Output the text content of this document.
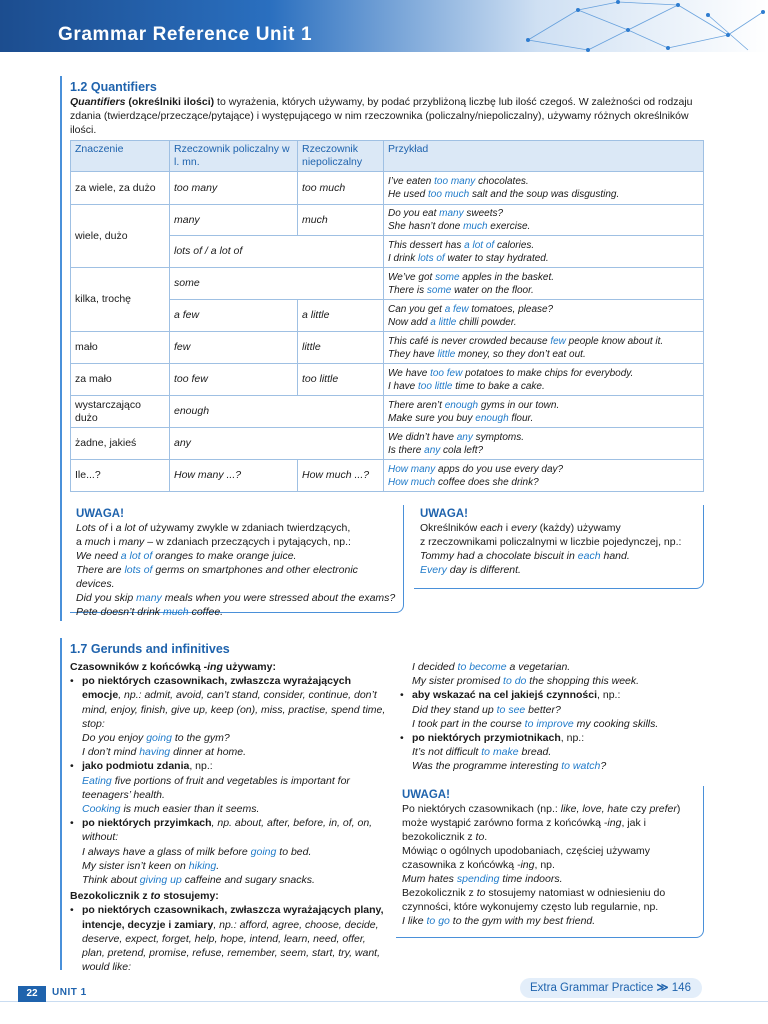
Grammar Reference Unit 1
1.2 Quantifiers
Quantifiers (określniki ilości) to wyrażenia, których używamy, by podać przybliżoną liczbę lub ilość czegoś. W zależności od rodzaju zdania (twierdzące/przeczące/pytające) i występującego w nim rzeczownika (policzalny/niepoliczalny), używamy różnych określników ilości.
Znaczenie	Rzeczownik policzalny w l. mn.	Rzeczownik niepoliczalny	Przykład
za wiele, za dużo	too many	too much	I’ve eaten too many chocolates.
He used too much salt and the soup was disgusting.
wiele, dużo	many	much	Do you eat many sweets?
She hasn’t done much exercise.
	lots of / a lot of		This dessert has a lot of calories.
I drink lots of water to stay hydrated.
kilka, trochę	some		We’ve got some apples in the basket.
There is some water on the floor.
	a few	a little	Can you get a few tomatoes, please?
Now add a little chilli powder.
mało	few	little	This café is never crowded because few people know about it.
They have little money, so they don’t eat out.
za mało	too few	too little	We have too few potatoes to make chips for everybody.
I have too little time to bake a cake.
wystarczająco dużo	enough		There aren’t enough gyms in our town.
Make sure you buy enough flour.
żadne, jakieś	any		We didn’t have any symptoms.
Is there any cola left?
Ile...?	How many ...?	How much ...?	How many apps do you use every day?
How much coffee does she drink?
UWAGA!
Lots of i a lot of używamy zwykle w zdaniach twierdzących,
a much i many – w zdaniach przeczących i pytających, np.:
We need a lot of oranges to make orange juice.
There are lots of germs on smartphones and other electronic devices.
Did you skip many meals when you were stressed about the exams?
Pete doesn’t drink much coffee.
UWAGA!
Określników each i every (każdy) używamy
z rzeczownikami policzalnymi w liczbie pojedynczej, np.:
Tommy had a chocolate biscuit in each hand.
Every day is different.
1.7 Gerunds and infinitives
Czasowników z końcówką -ing używamy:
• po niektórych czasownikach, zwłaszcza wyrażających emocje, np.: admit, avoid, can’t stand, consider, continue, don’t mind, enjoy, finish, give up, keep (on), miss, practise, spend time, stop:
Do you enjoy going to the gym?
I don’t mind having dinner at home.
• jako podmiotu zdania, np.:
Eating five portions of fruit and vegetables is important for teenagers’ health.
Cooking is much easier than it seems.
• po niektórych przyimkach, np. about, after, before, in, of, on, without:
I always have a glass of milk before going to bed.
My sister isn’t keen on hiking.
Think about giving up caffeine and sugary snacks.
Bezokolicznik z to stosujemy:
• po niektórych czasownikach, zwłaszcza wyrażających plany, intencje, decyzje i zamiary, np.: afford, agree, choose, decide, deserve, expect, forget, help, hope, intend, learn, need, offer, plan, pretend, promise, refuse, remember, seem, start, try, want, would like:
I decided to become a vegetarian.
My sister promised to do the shopping this week.
• aby wskazać na cel jakiejś czynności, np.:
Did they stand up to see better?
I took part in the course to improve my cooking skills.
• po niektórych przymiotnikach, np.:
It’s not difficult to make bread.
Was the programme interesting to watch?
UWAGA!
Po niektórych czasownikach (np.: like, love, hate czy prefer) może wystąpić zarówno forma z końcówką -ing, jak i bezokolicznik z to.
Mówiąc o ogólnych upodobaniach, częściej używamy czasownika z końcówką -ing, np.
Mum hates spending time indoors.
Bezokolicznik z to stosujemy natomiast w odniesieniu do czynności, które wykonujemy często lub regularnie, np.
I like to go to the gym with my best friend.
22	UNIT 1	Extra Grammar Practice ≫ 146
